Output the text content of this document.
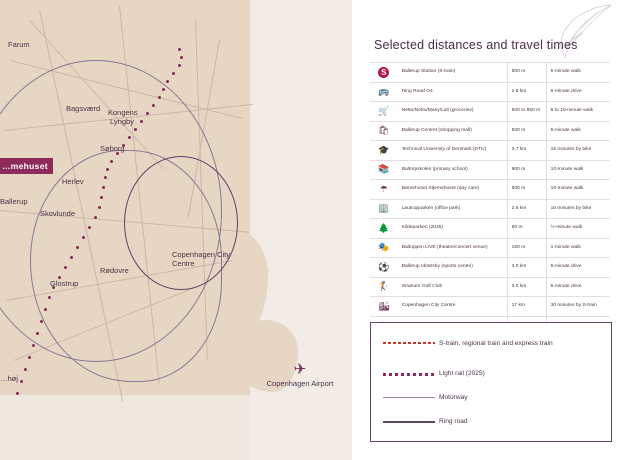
Farum
Bagsværd Kongens
Lyngby
Søborg
Herlev
Ballerup
Skovlunde
Rødovre
Glostrup
…høj
…mehuset
Copenhagen City Centre
✈
Copenhagen Airport
Selected distances and travel times
S	Ballerup Station (S-train)	500 m	5-minute walk
🚌	Ring Road O4	2.8 km	6-minute drive
🛒	Netto/Nettu/Many/Lidl (groceries)	500 to 950 m	5 to 10-minute walk
🛍	Ballerup Centret (shopping mall)	500 m	5-minute walk
🎓	Technical University of Denmark (DTU)	3.7 km	15 minutes by bike
📚	Baltorpskolen (primary school)	900 m	10-minute walk
☂	Børnehuset Stjernehuset (day care)	500 m	10-minute walk
🏢	Lautrupparken (office park)	2.6 km	10 minutes by bike
🌲	Kildeparken (2025)	50 m	½-minute walk
🎭	Baltoppen LIVE (theatre/concert venue)	150 m	1-minute walk
⚽	Ballerup Idrætsby (sports centre)	3.0 km	5-minute drive
🏌	Smørum Golf Club	3.0 km	5-minute drive
🏙	Copenhagen City Centre	17 km	30 minutes by S-train

S-train, regional train and express train
Light rail (2025)
Motorway
Ring road
